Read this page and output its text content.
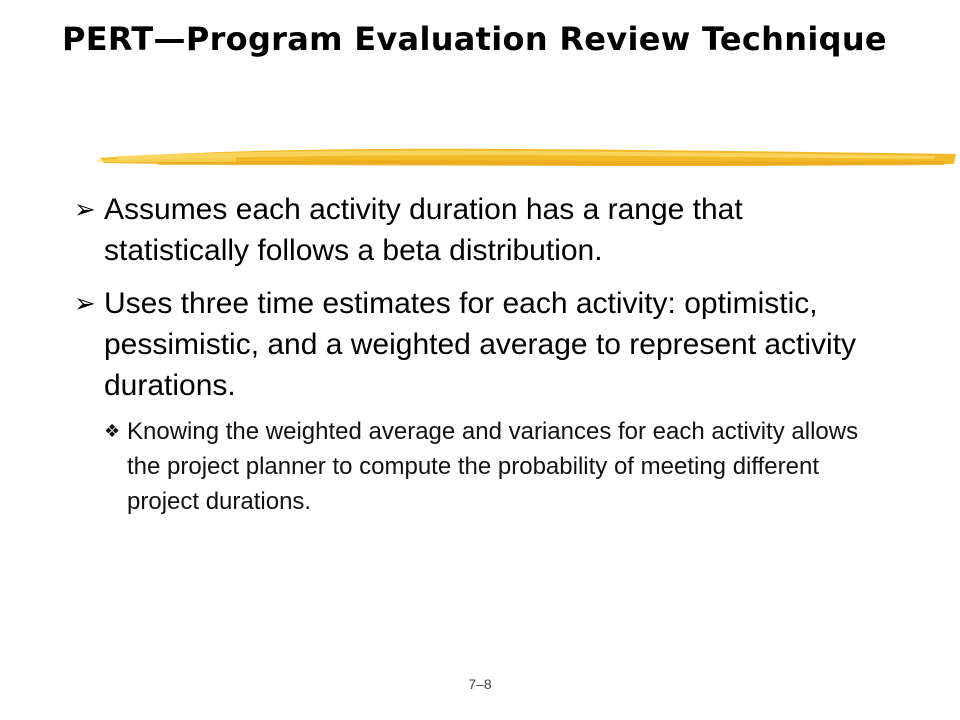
PERT—Program Evaluation Review Technique
➢ Assumes each activity duration has a range that statistically follows a beta distribution.
➢ Uses three time estimates for each activity: optimistic, pessimistic, and a weighted average to represent activity durations.
❖ Knowing the weighted average and variances for each activity allows the project planner to compute the probability of meeting different project durations.
7–8
